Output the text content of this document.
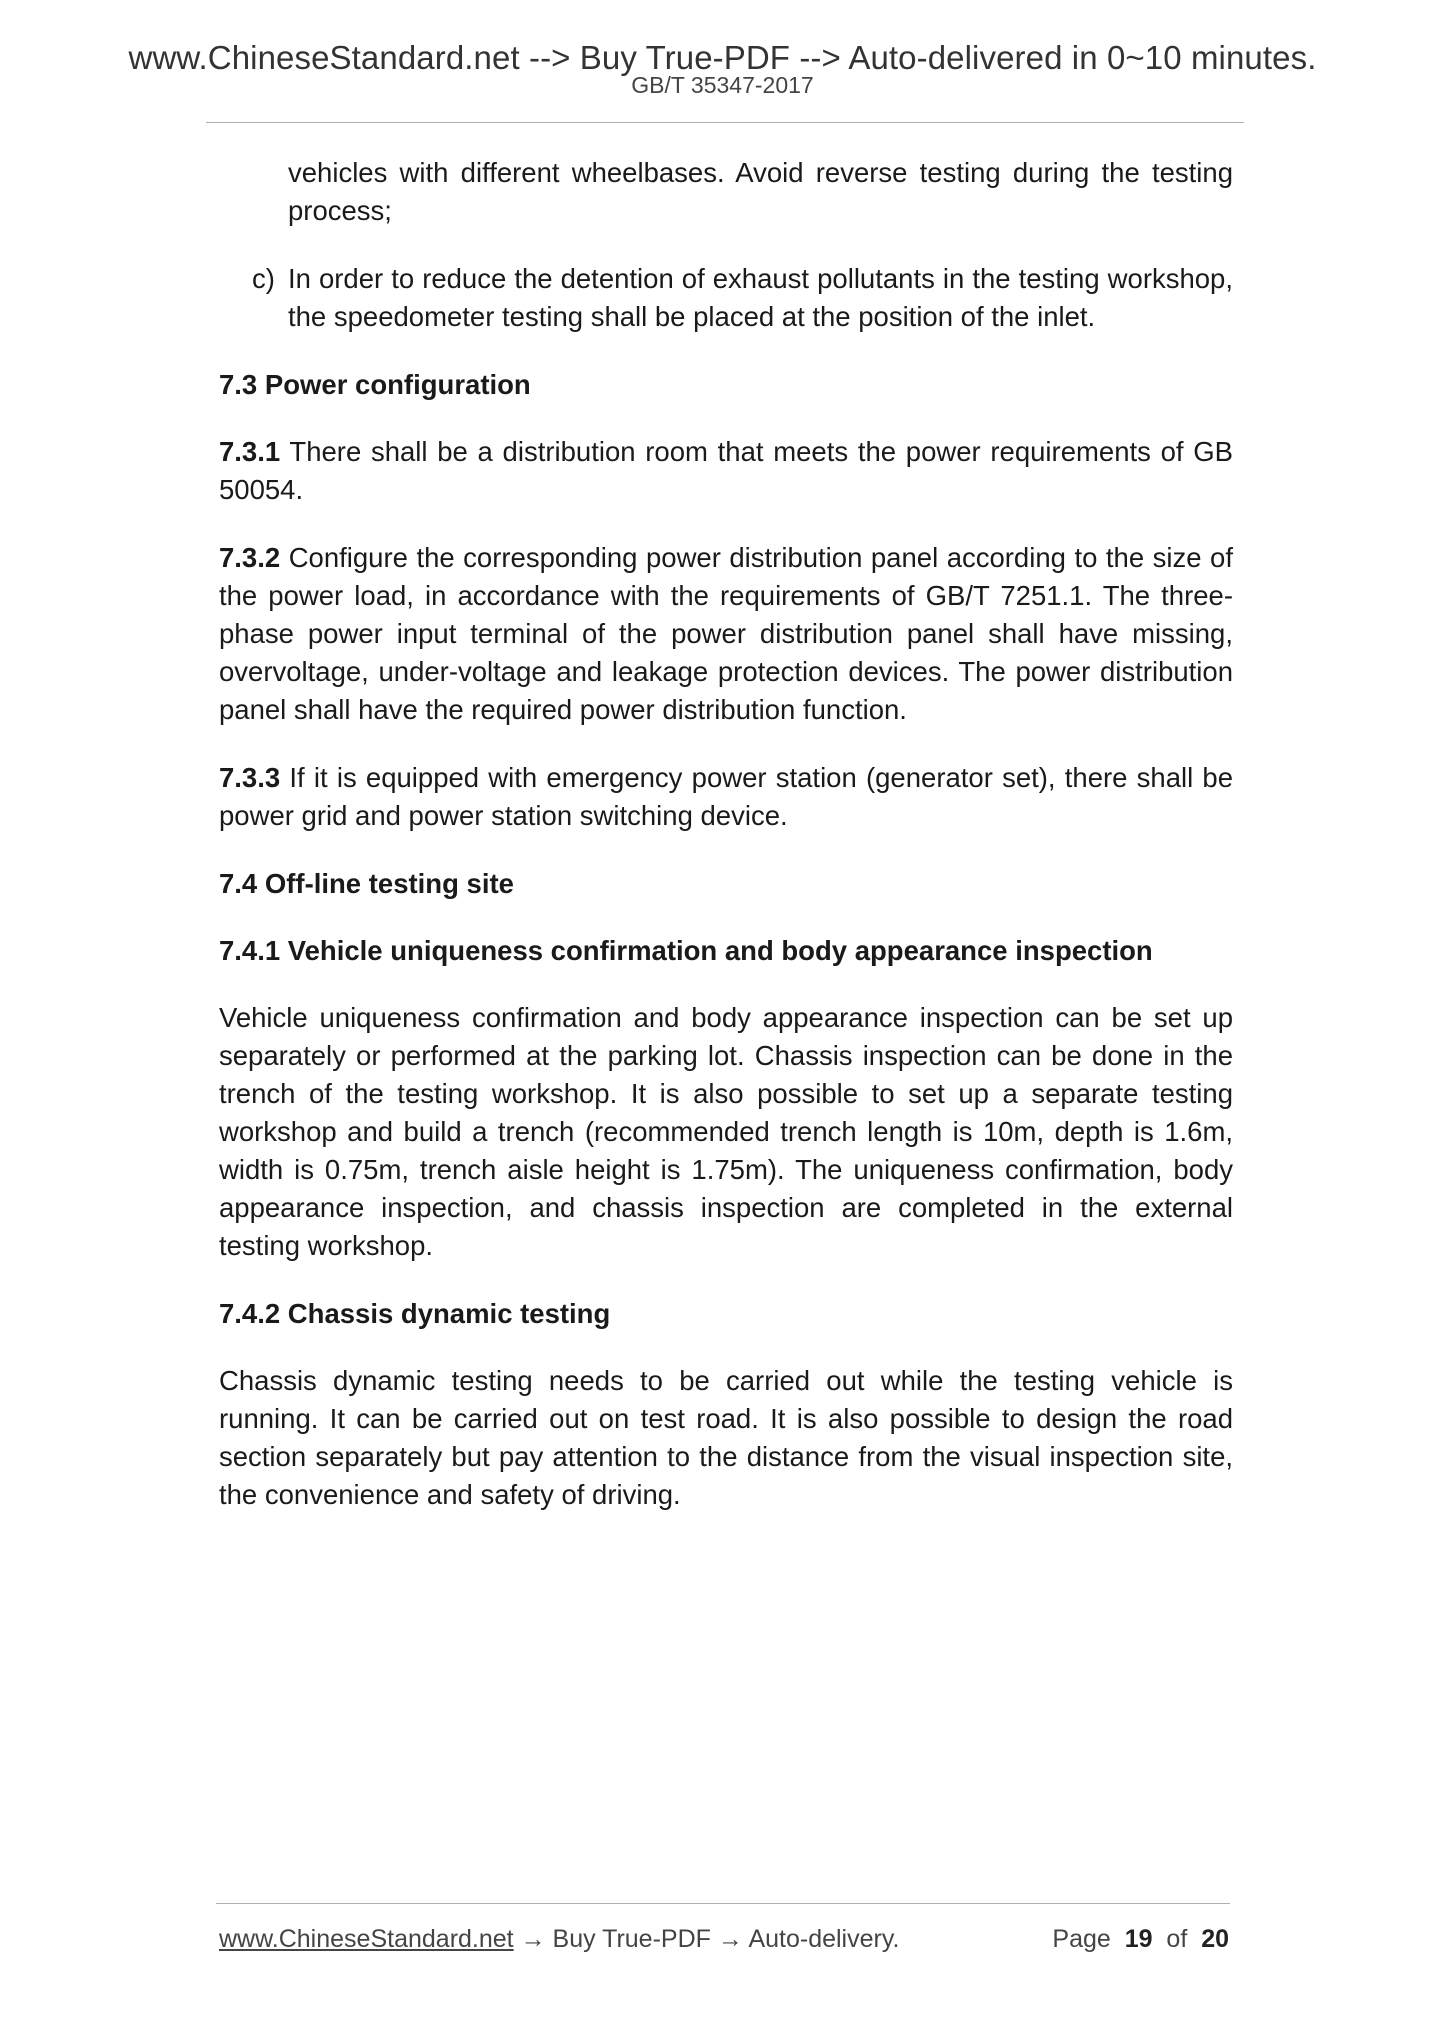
www.ChineseStandard.net --> Buy True-PDF --> Auto-delivered in 0~10 minutes.
GB/T 35347-2017

vehicles with different wheelbases. Avoid reverse testing during the testing process;

c) In order to reduce the detention of exhaust pollutants in the testing workshop, the speedometer testing shall be placed at the position of the inlet.

7.3 Power configuration

7.3.1 There shall be a distribution room that meets the power requirements of GB 50054.

7.3.2 Configure the corresponding power distribution panel according to the size of the power load, in accordance with the requirements of GB/T 7251.1. The three-phase power input terminal of the power distribution panel shall have missing, overvoltage, under-voltage and leakage protection devices. The power distribution panel shall have the required power distribution function.

7.3.3 If it is equipped with emergency power station (generator set), there shall be power grid and power station switching device.

7.4 Off-line testing site

7.4.1 Vehicle uniqueness confirmation and body appearance inspection

Vehicle uniqueness confirmation and body appearance inspection can be set up separately or performed at the parking lot. Chassis inspection can be done in the trench of the testing workshop. It is also possible to set up a separate testing workshop and build a trench (recommended trench length is 10m, depth is 1.6m, width is 0.75m, trench aisle height is 1.75m). The uniqueness confirmation, body appearance inspection, and chassis inspection are completed in the external testing workshop.

7.4.2 Chassis dynamic testing

Chassis dynamic testing needs to be carried out while the testing vehicle is running. It can be carried out on test road. It is also possible to design the road section separately but pay attention to the distance from the visual inspection site, the convenience and safety of driving.

www.ChineseStandard.net → Buy True-PDF → Auto-delivery.	Page 19 of 20
